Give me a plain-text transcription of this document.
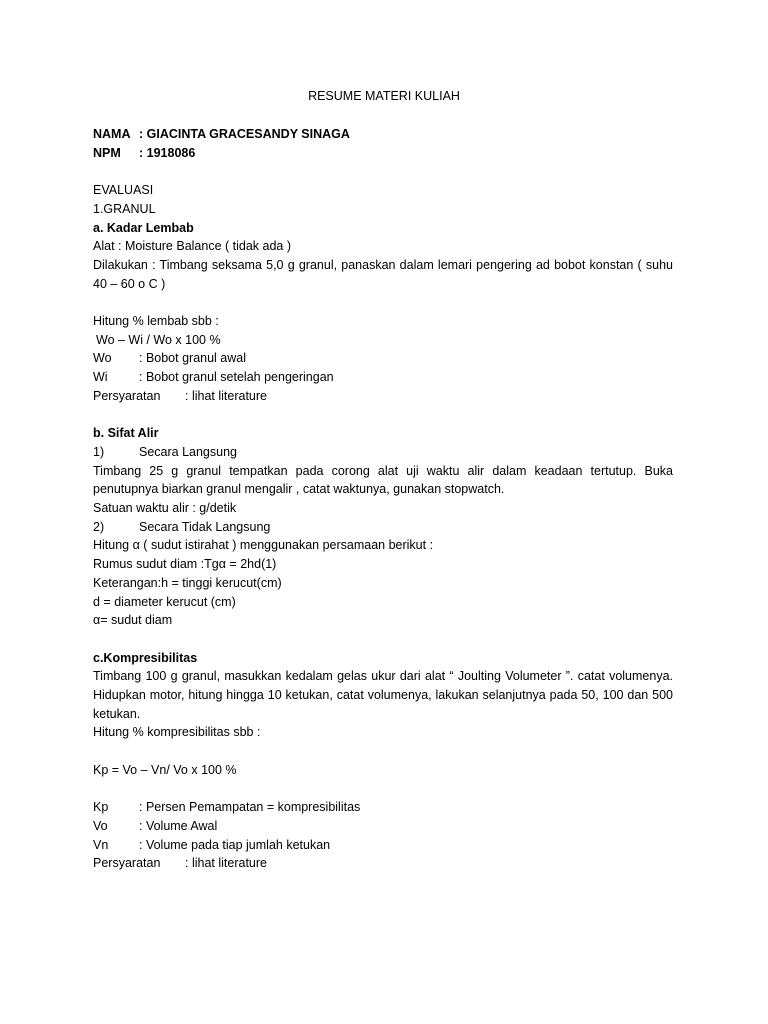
RESUME MATERI KULIAH
NAMA : GIACINTA GRACESANDY SINAGA
NPM : 1918086
EVALUASI
1.GRANUL
a. Kadar Lembab
Alat : Moisture Balance ( tidak ada )
Dilakukan : Timbang seksama 5,0 g granul, panaskan dalam lemari pengering ad bobot konstan ( suhu 40 – 60 o C )
Hitung % lembab sbb :
Wo – Wi / Wo x 100 %
Wo : Bobot granul awal
Wi	: Bobot granul setelah pengeringan
Persyaratan : lihat literature
b. Sifat Alir
1)	Secara Langsung
Timbang 25 g granul tempatkan pada corong alat uji waktu alir dalam keadaan tertutup. Buka penutupnya biarkan granul mengalir , catat waktunya, gunakan stopwatch.
Satuan waktu alir : g/detik
2)	Secara Tidak Langsung
Hitung α ( sudut istirahat ) menggunakan persamaan berikut :
Rumus sudut diam :Tgα = 2hd(1)
Keterangan:h = tinggi kerucut(cm)
d = diameter kerucut (cm)
α= sudut diam
c.Kompresibilitas
Timbang 100 g granul, masukkan kedalam gelas ukur dari alat “ Joulting Volumeter ”. catat volumenya. Hidupkan motor, hitung hingga 10 ketukan, catat volumenya, lakukan selanjutnya pada 50, 100 dan 500 ketukan.
Hitung % kompresibilitas sbb :
Kp = Vo – Vn/ Vo x 100 %
Kp : Persen Pemampatan = kompresibilitas
Vo	: Volume Awal
Vn : Volume pada tiap jumlah ketukan
Persyaratan : lihat literature
